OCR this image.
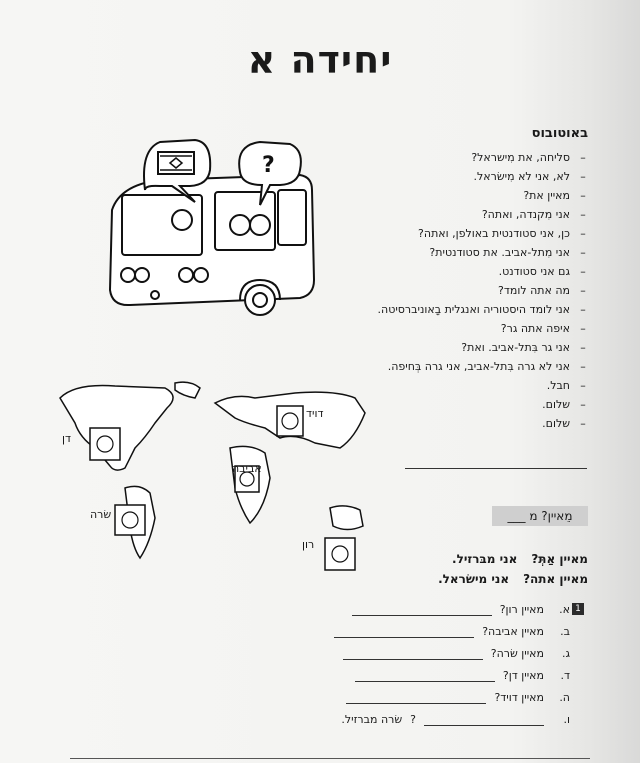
יחידה א
?
באוטובוס
–
סליחה, את מִישראל?
–
לא, אני לא מִישׂראל.
–
מאיין את?
–
אני מִקנדה, ואתה?
–
כן, אני סטודנטית באולפן, ואתה?
–
אני מִתל-אביב. את סטודנטית?
–
גם אני סטודנט.
–
מה אתה לומד?
–
אני לומד היסטוריה ואנגלית בָאוניברסיטה.
–
איפה אתה גר?
–
אני גר בִּתל-אביב. ואת?
–
אני לא גרה בִּתל-אביב, אני גרה בְּחיפה.
–
חבל.
–
שלום.
–
שלום.
דויד
דן
אביבה
שׂרה
רון
מֵאיין? מ ___
מאיין אַתְּ?
אני מבּרזיל.
מאיין אתה?
אני מישׂראל.
1
א.
מאיין רון?
ב.
מאיין אביבה?
ג.
מאיין שׂרה?
ד.
מאיין דן?
ה.
מאיין דויד?
ו.
?
שׂרה מברזיל.
